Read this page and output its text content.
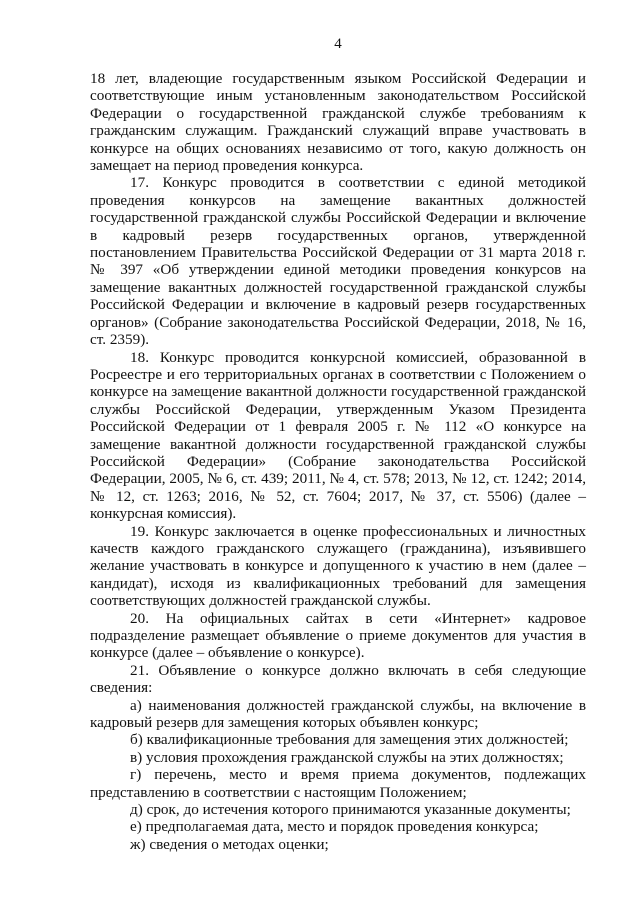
4

18 лет, владеющие государственным языком Российской Федерации и соответствующие иным установленным законодательством Российской Федерации о государственной гражданской службе требованиям к гражданским служащим. Гражданский служащий вправе участвовать в конкурсе на общих основаниях независимо от того, какую должность он замещает на период проведения конкурса.

17. Конкурс проводится в соответствии с единой методикой проведения конкурсов на замещение вакантных должностей государственной гражданской службы Российской Федерации и включение в кадровый резерв государственных органов, утвержденной постановлением Правительства Российской Федерации от 31 марта 2018 г. № 397 «Об утверждении единой методики проведения конкурсов на замещение вакантных должностей государственной гражданской службы Российской Федерации и включение в кадровый резерв государственных органов» (Собрание законодательства Российской Федерации, 2018, № 16, ст. 2359).

18. Конкурс проводится конкурсной комиссией, образованной в Росреестре и его территориальных органах в соответствии с Положением о конкурсе на замещение вакантной должности государственной гражданской службы Российской Федерации, утвержденным Указом Президента Российской Федерации от 1 февраля 2005 г. № 112 «О конкурсе на замещение вакантной должности государственной гражданской службы Российской Федерации» (Собрание законодательства Российской Федерации, 2005, № 6, ст. 439; 2011, № 4, ст. 578; 2013, № 12, ст. 1242; 2014, № 12, ст. 1263; 2016, № 52, ст. 7604; 2017, № 37, ст. 5506) (далее – конкурсная комиссия).

19. Конкурс заключается в оценке профессиональных и личностных качеств каждого гражданского служащего (гражданина), изъявившего желание участвовать в конкурсе и допущенного к участию в нем (далее – кандидат), исходя из квалификационных требований для замещения соответствующих должностей гражданской службы.

20. На официальных сайтах в сети «Интернет» кадровое подразделение размещает объявление о приеме документов для участия в конкурсе (далее – объявление о конкурсе).

21. Объявление о конкурсе должно включать в себя следующие сведения:

а) наименования должностей гражданской службы, на включение в кадровый резерв для замещения которых объявлен конкурс;

б) квалификационные требования для замещения этих должностей;

в) условия прохождения гражданской службы на этих должностях;

г) перечень, место и время приема документов, подлежащих представлению в соответствии с настоящим Положением;

д) срок, до истечения которого принимаются указанные документы;

е) предполагаемая дата, место и порядок проведения конкурса;

ж) сведения о методах оценки;
